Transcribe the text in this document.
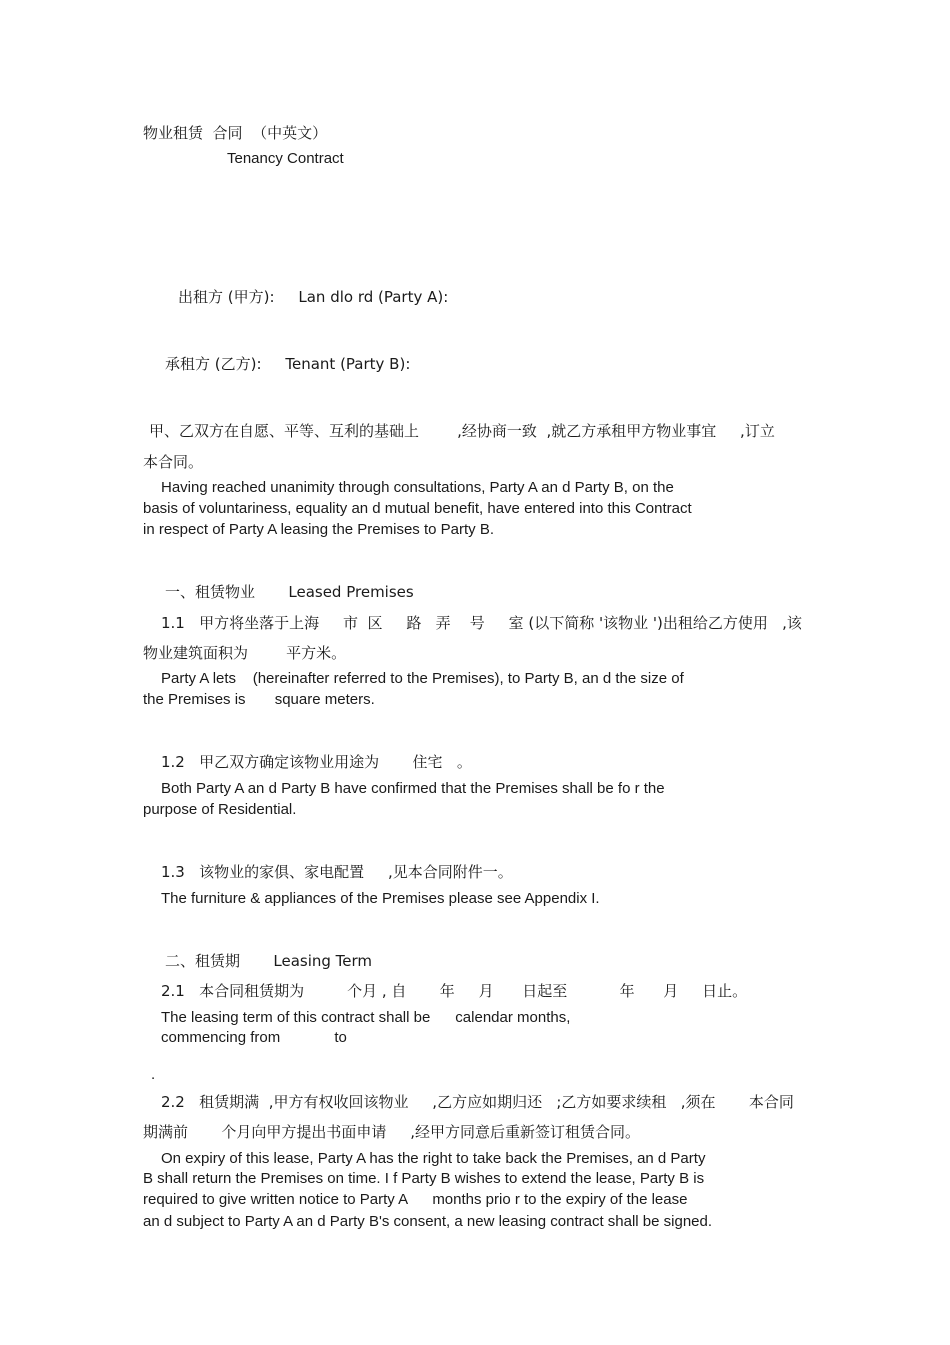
物业租赁  合同  （中英文）
Tenancy Contract
出租方 (甲方):     Lan dlo rd (Party A):
承租方 (乙方):     Tenant (Party B):
甲、乙双方在自愿、平等、互利的基础上        ,经协商一致  ,就乙方承租甲方物业事宜     ,订立
本合同。
Having reached unanimity through consultations, Party A an d Party B, on the
basis of voluntariness, equality an d mutual benefit, have entered into this Contract
in respect of Party A leasing the Premises to Party B.
一、租赁物业       Leased Premises
1.1   甲方将坐落于上海     市  区     路   弄    号     室 (以下简称 '该物业 ')出租给乙方使用   ,该
物业建筑面积为        平方米。
Party A lets    (hereinafter referred to the Premises), to Party B, an d the size of
the Premises is       square meters.
1.2   甲乙双方确定该物业用途为       住宅   。
Both Party A an d Party B have confirmed that the Premises shall be fo r the
purpose of Residential.
1.3   该物业的家俱、家电配置     ,见本合同附件一。
The furniture & appliances of the Premises please see Appendix I.
二、租赁期       Leasing Term
2.1   本合同租赁期为         个月 , 自       年     月      日起至           年      月     日止。
The leasing term of this contract shall be      calendar months,
commencing from             to
.
2.2   租赁期满  ,甲方有权收回该物业     ,乙方应如期归还   ;乙方如要求续租   ,须在       本合同
期满前       个月向甲方提出书面申请     ,经甲方同意后重新签订租赁合同。
On expiry of this lease, Party A has the right to take back the Premises, an d Party
B shall return the Premises on time. I f Party B wishes to extend the lease, Party B is
required to give written notice to Party A      months prio r to the expiry of the lease
an d subject to Party A an d Party B's consent, a new leasing contract shall be signed.
